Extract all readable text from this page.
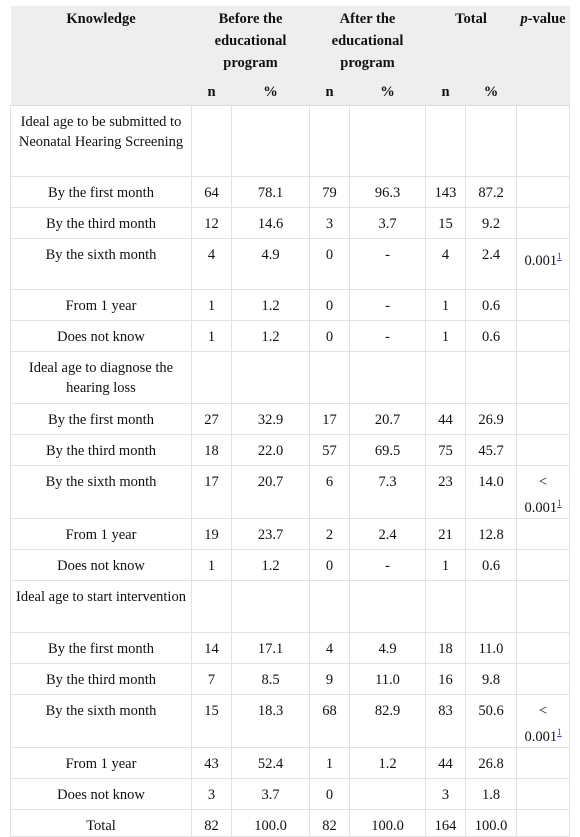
Knowledge	Before the educational program		After the educational program		Total		p-value
	n	%	n	%	n	%	
Ideal age to be submitted to Neonatal Hearing Screening							
By the first month	64	78.1	79	96.3	143	87.2	
By the third month	12	14.6	3	3.7	15	9.2	
By the sixth month	4	4.9	0	-	4	2.4	0.001$^1$
From 1 year	1	1.2	0	-	1	0.6	
Does not know	1	1.2	0	-	1	0.6	
Ideal age to diagnose the hearing loss							
By the first month	27	32.9	17	20.7	44	26.9	
By the third month	18	22.0	57	69.5	75	45.7	
By the sixth month	17	20.7	6	7.3	23	14.0	< 0.001$^1$
From 1 year	19	23.7	2	2.4	21	12.8	
Does not know	1	1.2	0	-	1	0.6	
Ideal age to start intervention							
By the first month	14	17.1	4	4.9	18	11.0	
By the third month	7	8.5	9	11.0	16	9.8	
By the sixth month	15	18.3	68	82.9	83	50.6	< 0.001$^1$
From 1 year	43	52.4	1	1.2	44	26.8	
Does not know	3	3.7	0		3	1.8	
Total	82	100.0	82	100.0	164	100.0	
